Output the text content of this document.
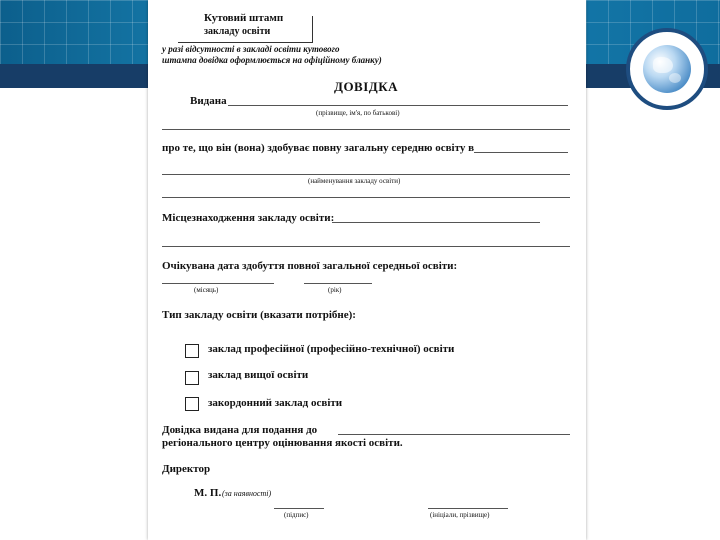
Кутовий штамп
закладу освіти
у разі відсутності в закладі освіти кутового
штампа довідка оформлюється на офіційному бланку)
ДОВІДКА
Видана
(прізвище, ім'я, по батькові)
про те, що він (вона) здобуває повну загальну середню освіту в
(найменування закладу освіти)
Місцезнаходження закладу освіти:
Очікувана дата здобуття повної загальної середньої освіти:
(місяць)	(рік)
Тип закладу освіти (вказати потрібне):
заклад професійної (професійно-технічної) освіти
заклад вищої освіти
закордонний заклад освіти
Довідка видана для подання до
регіонального центру оцінювання якості освіти.
Директор
М. П. (за наявності)
(підпис)	(ініціали, прізвище)
